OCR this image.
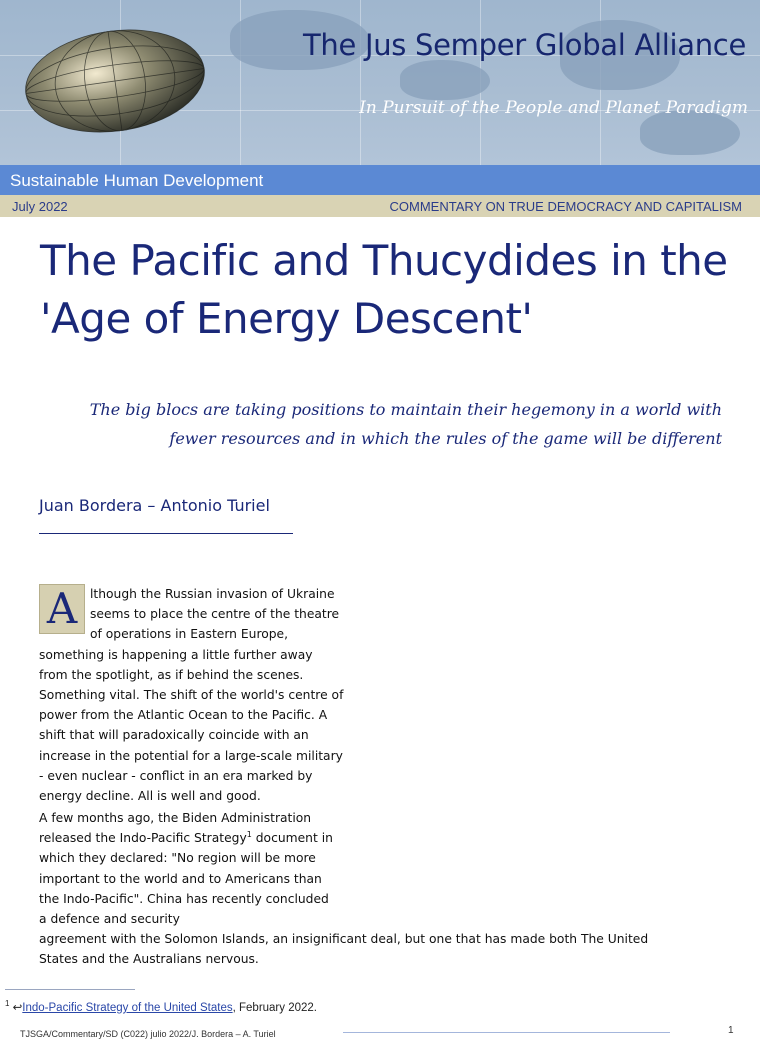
The Jus Semper Global Alliance
In Pursuit of the People and Planet Paradigm
Sustainable Human Development
July 2022	COMMENTARY ON TRUE DEMOCRACY AND CAPITALISM
The Pacific and Thucydides in the 'Age of Energy Descent'

The big blocs are taking positions to maintain their hegemony in a world with fewer resources and in which the rules of the game will be different

Juan Bordera – Antonio Turiel

A	lthough the Russian invasion of Ukraine seems to place the centre of the theatre of operations in Eastern Europe, something is happening a little further away from the spotlight, as if behind the scenes. Something vital. The shift of the world's centre of power from the Atlantic Ocean to the Pacific. A shift that will paradoxically coincide with an increase in the potential for a large-scale military - even nuclear - conflict in an era marked by energy decline. All is well and good.

A few months ago, the Biden Administration released the Indo-Pacific Strategy$^1$ document in which they declared: "No region will be more important to the world and to Americans than the Indo-Pacific". China has recently concluded a defence and security
agreement with the Solomon Islands, an insignificant deal, but one that has made both The United States and the Australians nervous.

$^1$ ↩Indo-Pacific Strategy of the United States, February 2022.
TJSGA/Commentary/SD (C022) julio 2022/J. Bordera – A. Turiel	1
